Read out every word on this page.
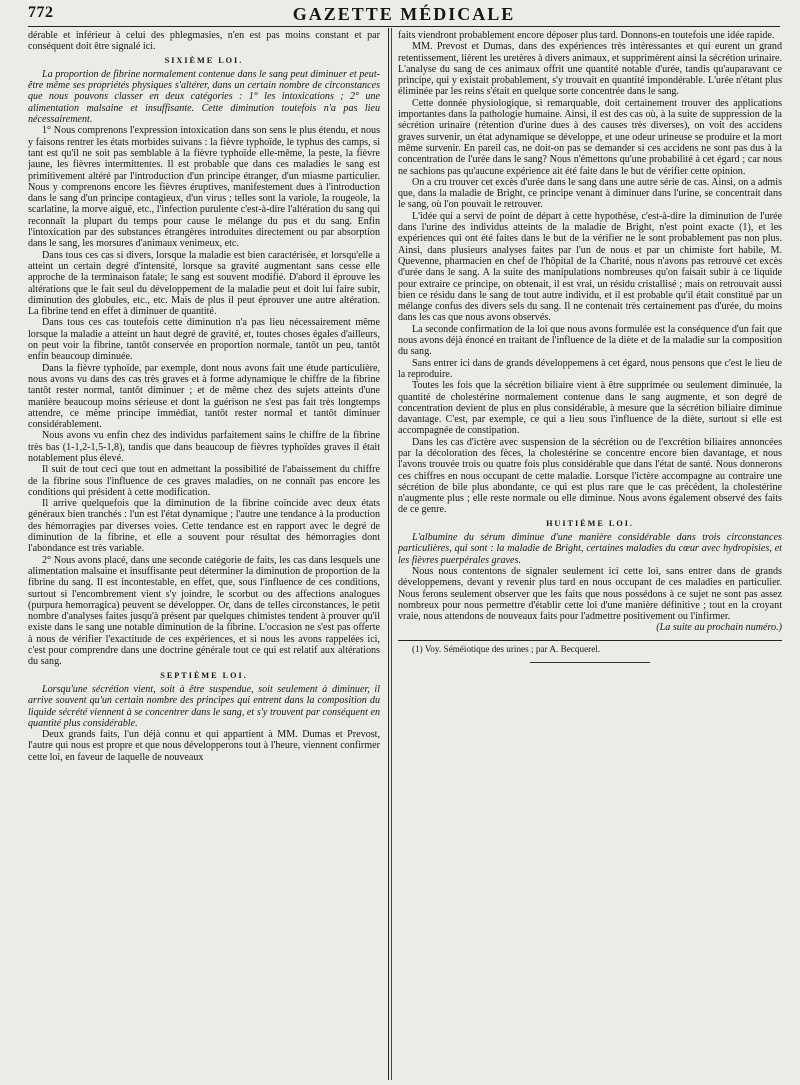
772	GAZETTE MÉDICALE

dérable et inférieur à celui des phlegmasies, n'en est pas moins constant et par conséquent doit être signalé ici.

SIXIÈME LOI.

La proportion de fibrine normalement contenue dans le sang peut diminuer et peut-être même ses propriétés physiques s'altérer, dans un certain nombre de circonstances que nous pouvons classer en deux catégories : 1° les intoxications ; 2° une alimentation malsaine et insuffisante. Cette diminution toutefois n'a pas lieu nécessairement.

1° Nous comprenons l'expression intoxication dans son sens le plus étendu, et nous y faisons rentrer les états morbides suivans : la fièvre typhoïde, le typhus des camps, si tant est qu'il ne soit pas semblable à la fièvre typhoïde elle-même, la peste, la fièvre jaune, les fièvres intermittentes. Il est probable que dans ces maladies le sang est primitivement altéré par l'introduction d'un principe étranger, d'un miasme particulier. Nous y comprenons encore les fièvres éruptives, manifestement dues à l'introduction dans le sang d'un principe contagieux, d'un virus ; telles sont la variole, la rougeole, la scarlatine, la morve aiguë, etc., l'infection purulente c'est-à-dire l'altération du sang qui reconnaît la plupart du temps pour cause le mélange du pus et du sang. Enfin l'intoxication par des substances étrangères introduites directement ou par absorption dans le sang, les morsures d'animaux venimeux, etc.

Dans tous ces cas si divers, lorsque la maladie est bien caractérisée, et lorsqu'elle a atteint un certain degré d'intensité, lorsque sa gravité augmentant sans cesse elle approche de la terminaison fatale; le sang est souvent modifié. D'abord il éprouve les altérations que le fait seul du développement de la maladie peut et doit lui faire subir, diminution des globules, etc., etc. Mais de plus il peut éprouver une autre altération. La fibrine tend en effet à diminuer de quantité.

Dans tous ces cas toutefois cette diminution n'a pas lieu nécessairement même lorsque la maladie a atteint un haut degré de gravité, et, toutes choses égales d'ailleurs, on peut voir la fibrine, tantôt conservée en proportion normale, tantôt un peu, tantôt enfin beaucoup diminuée.

Dans la fièvre typhoïde, par exemple, dont nous avons fait une étude particulière, nous avons vu dans des cas très graves et à forme adynamique le chiffre de la fibrine tantôt rester normal, tantôt diminuer ; et de même chez des sujets atteints d'une manière beaucoup moins sérieuse et dont la guérison ne s'est pas fait très longtemps attendre, ce même principe immédiat, tantôt rester normal et tantôt diminuer considérablement.

Nous avons vu enfin chez des individus parfaitement sains le chiffre de la fibrine très bas (1-1,2-1,5-1,8), tandis que dans beaucoup de fièvres typhoïdes graves il était notablement plus élevé.

Il suit de tout ceci que tout en admettant la possibilité de l'abaissement du chiffre de la fibrine sous l'influence de ces graves maladies, on ne connaît pas encore les conditions qui président à cette modification.

Il arrive quelquefois que la diminution de la fibrine coïncide avec deux états généraux bien tranchés : l'un est l'état dynamique ; l'autre une tendance à la production des hémorragies par diverses voies. Cette tendance est en rapport avec le degré de diminution de la fibrine, et elle a souvent pour résultat des hémorragies dont l'abondance est très variable.

2° Nous avons placé, dans une seconde catégorie de faits, les cas dans lesquels une alimentation malsaine et insuffisante peut déterminer la diminution de proportion de la fibrine du sang. Il est incontestable, en effet, que, sous l'influence de ces conditions, surtout si l'encombrement vient s'y joindre, le scorbut ou des affections analogues (purpura hemorragica) peuvent se développer. Or, dans de telles circonstances, le petit nombre d'analyses faites jusqu'à présent par quelques chimistes tendent à prouver qu'il existe dans le sang une notable diminution de la fibrine. L'occasion ne s'est pas offerte à nous de vérifier l'exactitude de ces expériences, et si nous les avons rappelées ici, c'est pour comprendre dans une doctrine générale tout ce qui est relatif aux altérations du sang.

SEPTIÈME LOI.

Lorsqu'une sécrétion vient, soit à être suspendue, soit seulement à diminuer, il arrive souvent qu'un certain nombre des principes qui entrent dans la composition du liquide sécrété viennent à se concentrer dans le sang, et s'y trouvent par conséquent en quantité plus considérable.

Deux grands faits, l'un déjà connu et qui appartient à MM. Dumas et Prevost, l'autre qui nous est propre et que nous développerons tout à l'heure, viennent confirmer cette loi, en faveur de laquelle de nouveaux

faits viendront probablement encore déposer plus tard. Donnons-en toutefois une idée rapide.

MM. Prevost et Dumas, dans des expériences très intéressantes et qui eurent un grand retentissement, lièrent les uretères à divers animaux, et supprimèrent ainsi la sécrétion urinaire. L'analyse du sang de ces animaux offrit une quantité notable d'urée, tandis qu'auparavant ce principe, qui y existait probablement, s'y trouvait en quantité impondérable. L'urée n'étant plus éliminée par les reins s'était en quelque sorte concentrée dans le sang.

Cette donnée physiologique, si remarquable, doit certainement trouver des applications importantes dans la pathologie humaine. Ainsi, il est des cas où, à la suite de suppression de la sécrétion urinaire (rétention d'urine dues à des causes très diverses), on voit des accidens graves survenir, un état adynamique se développe, et une odeur urineuse se produire et la mort même survenir. En pareil cas, ne doit-on pas se demander si ces accidens ne sont pas dus à la concentration de l'urée dans le sang? Nous n'émettons qu'une probabilité à cet égard ; car nous ne sachions pas qu'aucune expérience ait été faite dans le but de vérifier cette opinion.

On a cru trouver cet excès d'urée dans le sang dans une autre série de cas. Ainsi, on a admis que, dans la maladie de Bright, ce principe venant à diminuer dans l'urine, se concentrait dans le sang, où l'on pouvait le retrouver.

L'idée qui a servi de point de départ à cette hypothèse, c'est-à-dire la diminution de l'urée dans l'urine des individus atteints de la maladie de Bright, n'est point exacte (1), et les expériences qui ont été faites dans le but de la vérifier ne le sont probablement pas non plus. Ainsi, dans plusieurs analyses faites par l'un de nous et par un chimiste fort habile, M. Quevenne, pharmacien en chef de l'hôpital de la Charité, nous n'avons pas retrouvé cet excès d'urée dans le sang. A la suite des manipulations nombreuses qu'on faisait subir à ce liquide pour extraire ce principe, on obtenait, il est vrai, un résidu cristallisé ; mais on retrouvait aussi bien ce résidu dans le sang de tout autre individu, et il est probable qu'il était constitué par un mélange confus des divers sels du sang. Il ne contenait très certainement pas d'urée, du moins dans les cas que nous avons observés.

La seconde confirmation de la loi que nous avons formulée est la conséquence d'un fait que nous avons déjà énoncé en traitant de l'influence de la diète et de la maladie sur la composition du sang.

Sans entrer ici dans de grands développemens à cet égard, nous pensons que c'est le lieu de la reproduire.

Toutes les fois que la sécrétion biliaire vient à être supprimée ou seulement diminuée, la quantité de cholestérine normalement contenue dans le sang augmente, et son degré de concentration devient de plus en plus considérable, à mesure que la sécrétion biliaire diminue davantage. C'est, par exemple, ce qui a lieu sous l'influence de la diète, surtout si elle est accompagnée de constipation.

Dans les cas d'ictère avec suspension de la sécrétion ou de l'excrétion biliaires annoncées par la décoloration des fèces, la cholestérine se concentre encore bien davantage, et nous l'avons trouvée trois ou quatre fois plus considérable que dans l'état de santé. Nous donnerons ces chiffres en nous occupant de cette maladie. Lorsque l'ictère accompagne au contraire une sécrétion de bile plus abondante, ce qui est plus rare que le cas précédent, la cholestérine n'augmente plus ; elle reste normale ou elle diminue. Nous avons également observé des faits de ce genre.

HUITIÈME LOI.

L'albumine du sérum diminue d'une manière considérable dans trois circonstances particulières, qui sont : la maladie de Bright, certaines maladies du cœur avec hydropisies, et les fièvres puerpérales graves.

Nous nous contentons de signaler seulement ici cette loi, sans entrer dans de grands développemens, devant y revenir plus tard en nous occupant de ces maladies en particulier. Nous ferons seulement observer que les faits que nous possédons à ce sujet ne sont pas assez nombreux pour nous permettre d'établir cette loi d'une manière définitive ; tout en la croyant vraie, nous attendons de nouveaux faits pour l'admettre positivement ou l'infirmer.

(La suite au prochain numéro.)

(1) Voy. Séméiotique des urines ; par A. Becquerel.
